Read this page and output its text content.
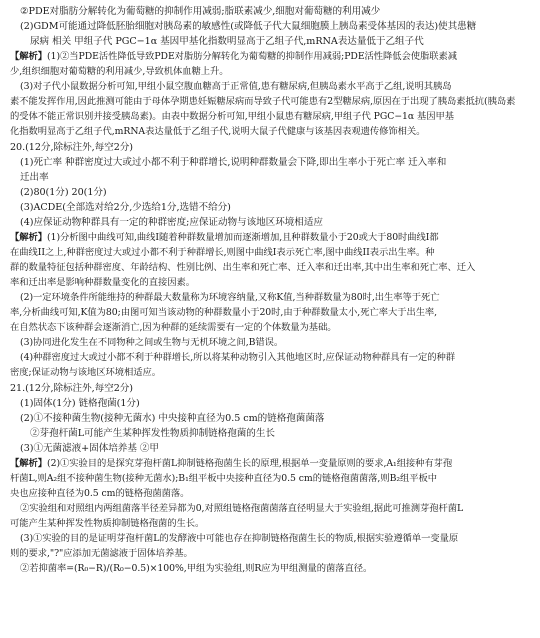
②PDE对脂肪分解转化为葡萄糖的抑制作用减弱;脂联素减少,细胞对葡萄糖的利用减少
(2)GDM可能通过降低胚胎细胞对胰岛素的敏感性(或降低子代大鼠细胞膜上胰岛素受体基因的表达)使其患糖
尿病 相关 甲组子代 PGC−1α 基因甲基化指数明显高于乙组子代,mRNA表达量低于乙组子代
【解析】(1)②当PDE活性降低导致PDE对脂肪分解转化为葡萄糖的抑制作用减弱;PDE活性降低会使脂联素减
少,组织细胞对葡萄糖的利用减少,导致机体血糖上升。
(3)对子代小鼠数据分析可知,甲组小鼠空腹血糖高于正常值,患有糖尿病,但胰岛素水平高于乙组,说明其胰岛
素不能发挥作用,因此推测可能由于母体孕期患妊娠糖尿病而导致子代可能患有2型糖尿病,原因在于出现了胰岛素抵抗(胰岛素
的受体不能正常识别并接受胰岛素)。由表中数据分析可知,甲组小鼠患有糖尿病,甲组子代 PGC−1α 基因甲基
化指数明显高于乙组子代,mRNA表达量低于乙组子代,说明大鼠子代健康与该基因表观遗传修饰相关。
20.(12分,除标注外,每空2分)
(1)死亡率 种群密度过大或过小都不利于种群增长,说明种群数量会下降,即出生率小于死亡率 迁入率和
迁出率
(2)80(1分) 20(1分)
(3)ACDE(全部选对给2分,少选给1分,选错不给分)
(4)应保证动物种群具有一定的种群密度;应保证动物与该地区环境相适应
【解析】(1)分析图中曲线可知,曲线I随着种群数量增加而逐渐增加,且种群数量小于20或大于80时曲线I都
在曲线II之上,种群密度过大或过小都不利于种群增长,则图中曲线I表示死亡率,图中曲线II表示出生率。种
群的数量特征包括种群密度、年龄结构、性别比例、出生率和死亡率、迁入率和迁出率,其中出生率和死亡率、迁入
率和迁出率是影响种群数量变化的直接因素。
(2)一定环境条件所能维持的种群最大数量称为环境容纳量,又称K值,当种群数量为80时,出生率等于死亡
率,分析曲线可知,K值为80;由图可知当该动物的种群数量小于20时,由于种群数量太小,死亡率大于出生率,
在自然状态下该种群会逐渐消亡,因为种群的延续需要有一定的个体数量为基础。
(3)协同进化发生在不同物种之间或生物与无机环境之间,B错误。
(4)种群密度过大或过小都不利于种群增长,所以将某种动物引入其他地区时,应保证动物种群具有一定的种群
密度;保证动物与该地区环境相适应。
21.(12分,除标注外,每空2分)
(1)固体(1分) 链格孢菌(1分)
(2)①不接种菌生物(接种无菌水) 中央接种直径为0.5 cm的链格孢菌菌落
②芽孢杆菌L可能产生某种挥发性物质抑制链格孢菌的生长
(3)①无菌滤液+固体培养基 ②甲
【解析】(2)①实验目的是探究芽孢杆菌L抑制链格孢菌生长的原理,根据单一变量原则的要求,A₁组接种有芽孢
杆菌L,则A₂组不接种菌生物(接种无菌水);B₁组平板中央接种直径为0.5 cm的链格孢菌菌落,则B₂组平板中
央也应接种直径为0.5 cm的链格孢菌菌落。
②实验组和对照组内两组菌落半径差异都为0,对照组链格孢菌菌落直径明显大于实验组,据此可推测芽孢杆菌L
可能产生某种挥发性物质抑制链格孢菌的生长。
(3)①实验的目的是证明芽孢杆菌L的发酵液中可能也存在抑制链格孢菌生长的物质,根据实验遵循单一变量原
则的要求,"?"应添加无菌滤液于固体培养基。
②若抑菌率=(R₀−R)/(R₀−0.5)×100%,甲组为实验组,则R应为甲组测量的菌落直径。
